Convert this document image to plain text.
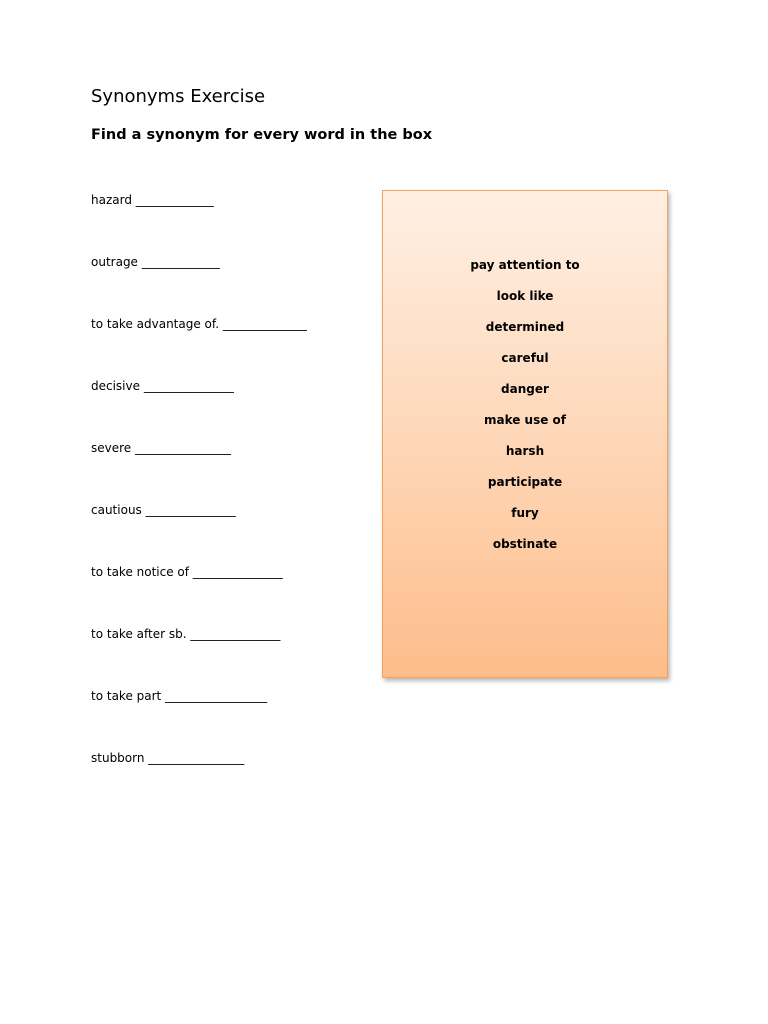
Synonyms Exercise
Find a synonym for every word in the box
hazard _____________
outrage _____________
to take advantage of. ______________
decisive _______________
severe ________________
cautious _______________
to take notice of _______________
to take after sb. _______________
to take part _________________
stubborn ________________
pay attention to
look like
determined
careful
danger
make use of
harsh
participate
fury
obstinate
